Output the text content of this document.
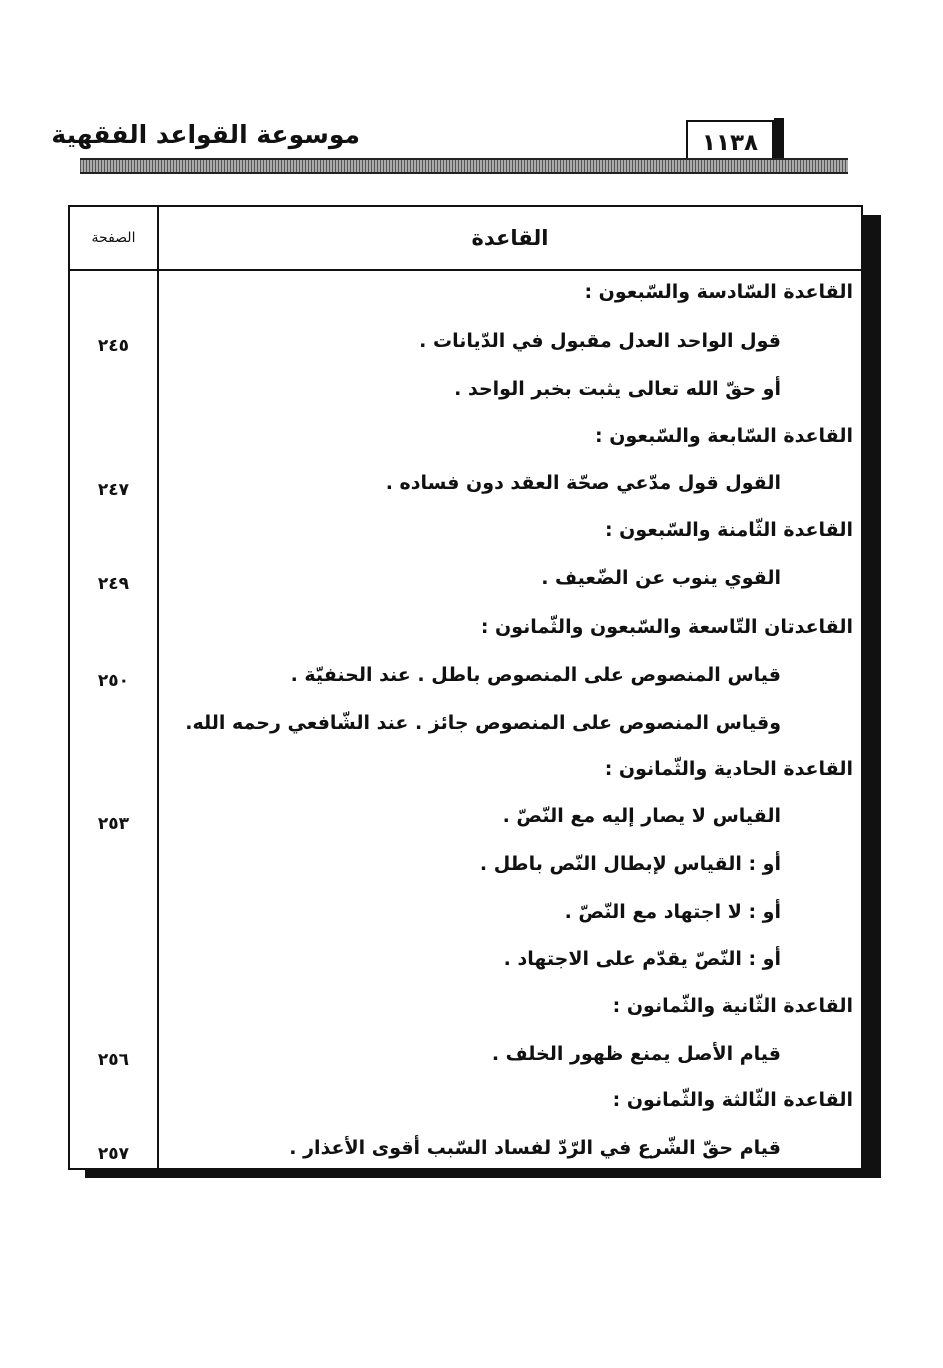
موسوعة القواعد الفقهية	١١٣٨
القاعدة
الصفحة
القاعدة السّادسة والسّبعون :
قول الواحد العدل مقبول في الدّيانات .
أو حقّ الله تعالى يثبت بخبر الواحد .
القاعدة السّابعة والسّبعون :
القول قول مدّعي صحّة العقد دون فساده .
القاعدة الثّامنة والسّبعون :
القوي ينوب عن الضّعيف .
القاعدتان التّاسعة والسّبعون والثّمانون :
قياس المنصوص على المنصوص باطل . عند الحنفيّة .
وقياس المنصوص على المنصوص جائز . عند الشّافعي رحمه الله.
القاعدة الحادية والثّمانون :
القياس لا يصار إليه مع النّصّ .
أو : القياس لإبطال النّص باطل .
أو : لا اجتهاد مع النّصّ .
أو : النّصّ يقدّم على الاجتهاد .
القاعدة الثّانية والثّمانون :
قيام الأصل يمنع ظهور الخلف .
القاعدة الثّالثة والثّمانون :
قيام حقّ الشّرع في الرّدّ لفساد السّبب أقوى الأعذار .
٢٤٥
٢٤٧
٢٤٩
٢٥٠
٢٥٣
٢٥٦
٢٥٧
